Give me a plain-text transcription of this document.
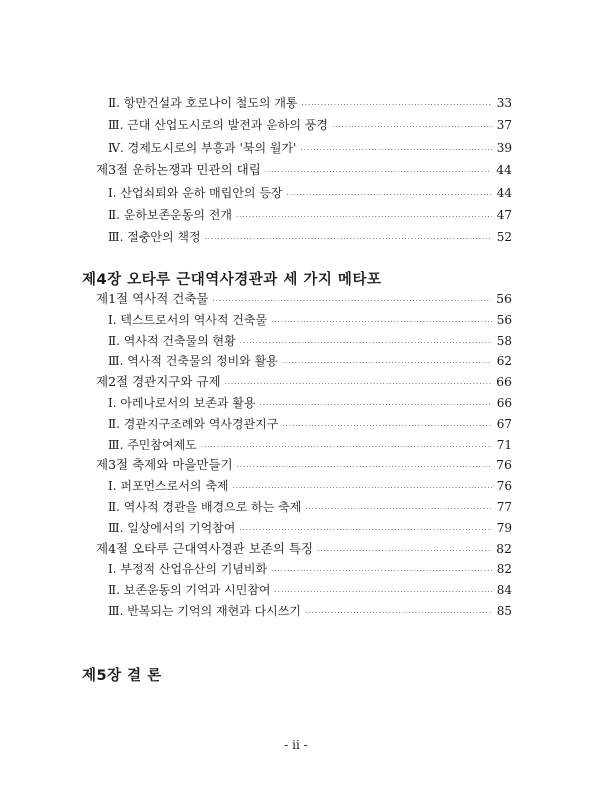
Ⅱ. 항만건설과 호로나이 철도의 개통 ·····	33
Ⅲ. 근대 산업도시로의 발전과 운하의 풍경 ·····	37
Ⅳ. 경제도시로의 부흥과 '북의 월가' ·····	39
제3절 운하논쟁과 민관의 대립 ·····	44
Ⅰ. 산업쇠퇴와 운하 매립안의 등장 ·····	44
Ⅱ. 운하보존운동의 전개 ·····	47
Ⅲ. 절충안의 책정 ·····	52
제4장 오타루 근대역사경관과 세 가지 메타포
제1절 역사적 건축물 ·····	56
Ⅰ. 텍스트로서의 역사적 건축물 ·····	56
Ⅱ. 역사적 건축물의 현황 ·····	58
Ⅲ. 역사적 건축물의 정비와 활용 ·····	62
제2절 경관지구와 규제 ·····	66
Ⅰ. 아레나로서의 보존과 활용 ·····	66
Ⅱ. 경관지구조례와 역사경관지구 ·····	67
Ⅲ. 주민참여제도 ·····	71
제3절 축제와 마을만들기 ·····	76
Ⅰ. 퍼포먼스로서의 축제 ·····	76
Ⅱ. 역사적 경관을 배경으로 하는 축제 ·····	77
Ⅲ. 일상에서의 기억참여 ·····	79
제4절 오타루 근대역사경관 보존의 특징 ·····	82
Ⅰ. 부정적 산업유산의 기념비화 ·····	82
Ⅱ. 보존운동의 기억과 시민참여 ·····	84
Ⅲ. 반복되는 기억의 재현과 다시쓰기 ·····	85
제5장 결 론
- ii -
